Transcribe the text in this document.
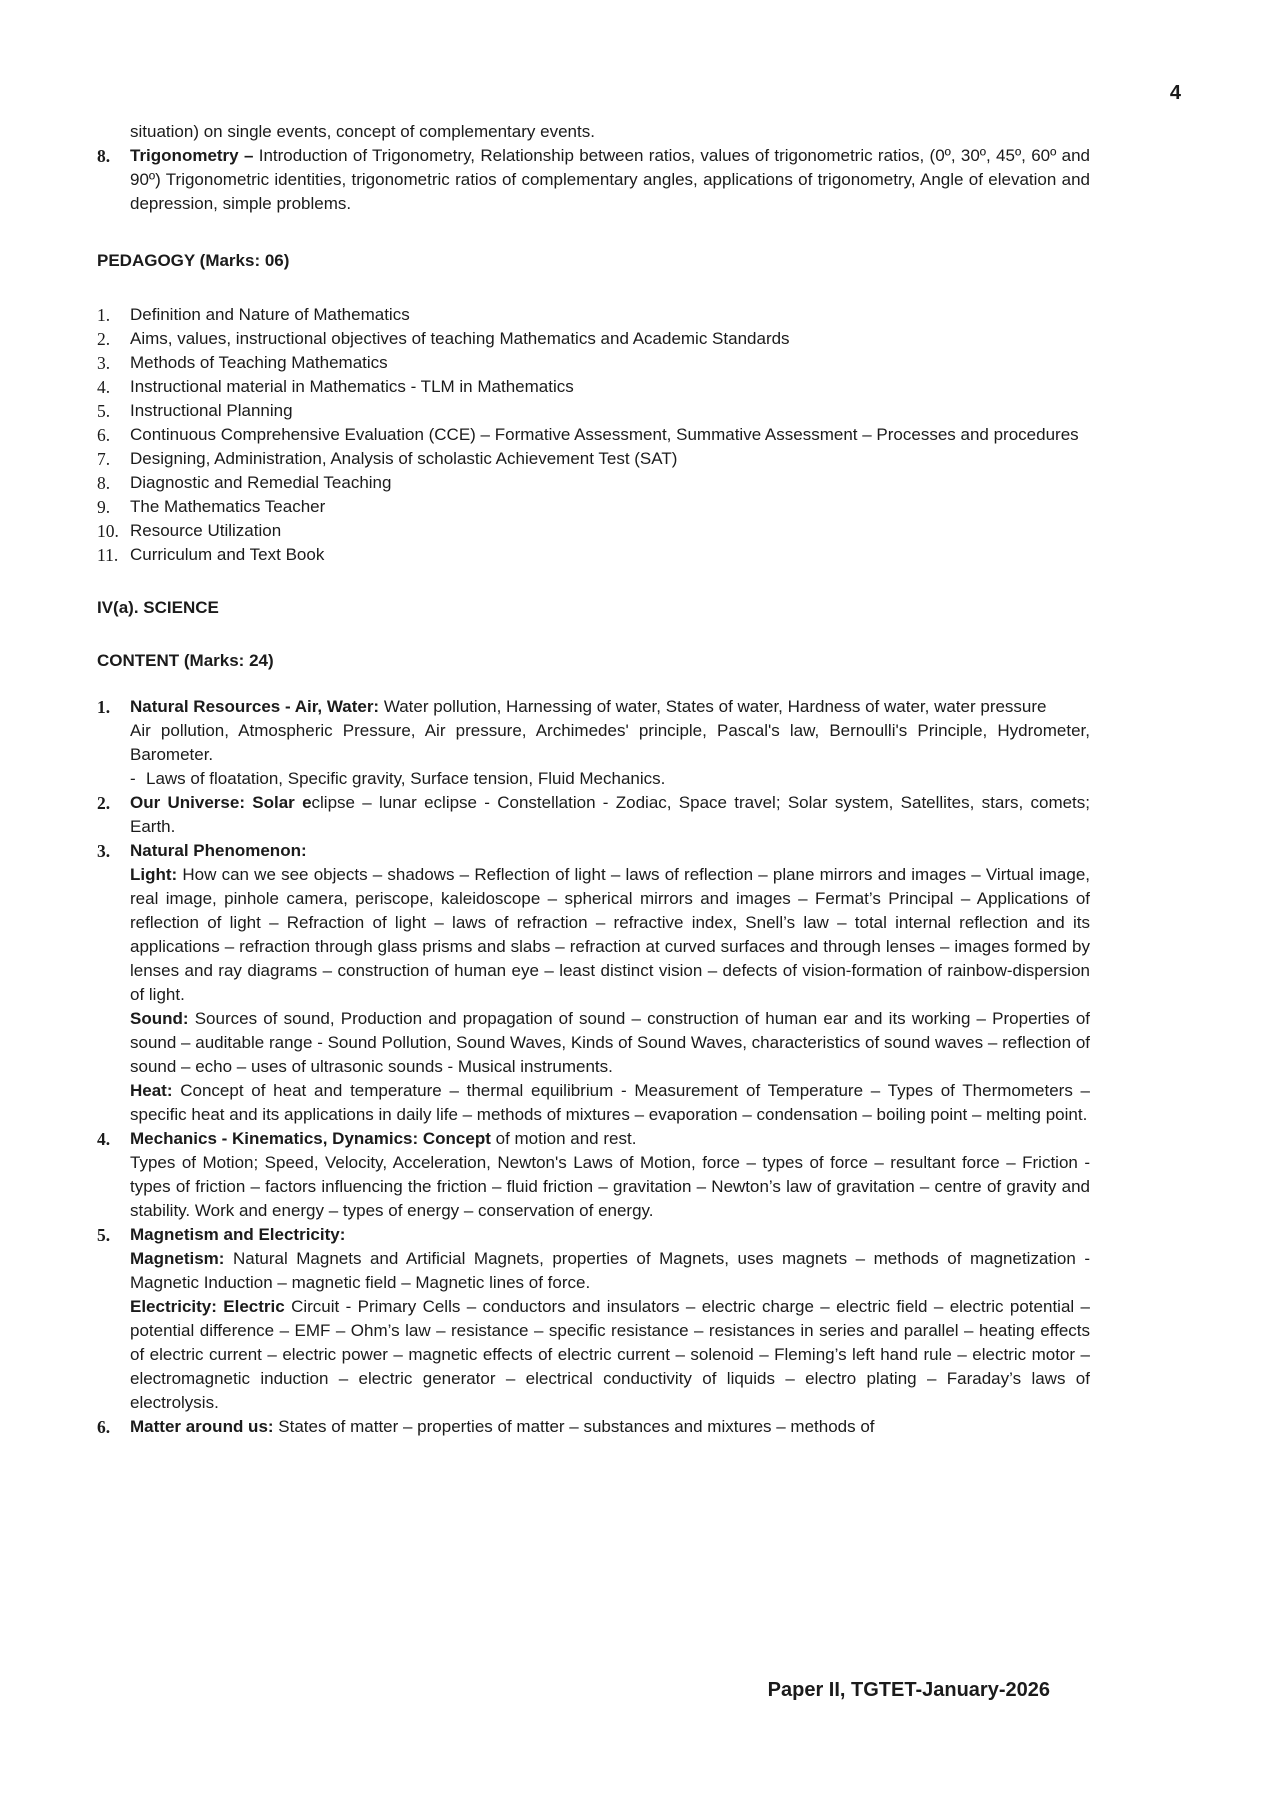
4

situation) on single events, concept of complementary events.

8.	Trigonometry – Introduction of Trigonometry, Relationship between ratios, values of trigonometric ratios, (0º, 30º, 45º, 60º and 90º) Trigonometric identities, trigonometric ratios of complementary angles, applications of trigonometry, Angle of elevation and depression, simple problems.

PEDAGOGY (Marks: 06)
1.	Definition and Nature of Mathematics
2.	Aims, values, instructional objectives of teaching Mathematics and Academic Standards
3.	Methods of Teaching Mathematics
4.	Instructional material in Mathematics - TLM in Mathematics
5.	Instructional Planning
6.	Continuous Comprehensive Evaluation (CCE) – Formative Assessment, Summative Assessment – Processes and procedures
7.	Designing, Administration, Analysis of scholastic Achievement Test (SAT)
8.	Diagnostic and Remedial Teaching
9.	The Mathematics Teacher
10. Resource Utilization
11. Curriculum and Text Book
IV(a). SCIENCE
CONTENT (Marks: 24)
1.	Natural Resources - Air, Water: Water pollution, Harnessing of water, States of water, Hardness of water, water pressure

Air pollution, Atmospheric Pressure, Air pressure, Archimedes' principle, Pascal's law, Bernoulli's Principle, Hydrometer, Barometer.

- Laws of floatation, Specific gravity, Surface tension, Fluid Mechanics.

2.	Our Universe: Solar eclipse – lunar eclipse - Constellation - Zodiac, Space travel; Solar system, Satellites, stars, comets; Earth.

3.	Natural Phenomenon:

Light: How can we see objects – shadows – Reflection of light – laws of reflection – plane mirrors and images – Virtual image, real image, pinhole camera, periscope, kaleidoscope – spherical mirrors and images – Fermat’s Principal – Applications of reflection of light – Refraction of light – laws of refraction – refractive index, Snell’s law – total internal reflection and its applications – refraction through glass prisms and slabs – refraction at curved surfaces and through lenses – images formed by lenses and ray diagrams – construction of human eye – least distinct vision – defects of vision-formation of rainbow-dispersion of light.

Sound: Sources of sound, Production and propagation of sound – construction of human ear and its working – Properties of sound – auditable range - Sound Pollution, Sound Waves, Kinds of Sound Waves, characteristics of sound waves – reflection of sound – echo – uses of ultrasonic sounds - Musical instruments.

Heat: Concept of heat and temperature – thermal equilibrium - Measurement of Temperature – Types of Thermometers – specific heat and its applications in daily life – methods of mixtures – evaporation – condensation – boiling point – melting point.

4.	Mechanics - Kinematics, Dynamics: Concept of motion and rest.

Types of Motion; Speed, Velocity, Acceleration, Newton's Laws of Motion, force – types of force – resultant force – Friction - types of friction – factors influencing the friction – fluid friction – gravitation – Newton’s law of gravitation – centre of gravity and stability. Work and energy – types of energy – conservation of energy.

5.	Magnetism and Electricity:

Magnetism: Natural Magnets and Artificial Magnets, properties of Magnets, uses magnets – methods of magnetization - Magnetic Induction – magnetic field – Magnetic lines of force.

Electricity: Electric Circuit - Primary Cells – conductors and insulators – electric charge – electric field – electric potential – potential difference – EMF – Ohm’s law – resistance – specific resistance – resistances in series and parallel – heating effects of electric current – electric power – magnetic effects of electric current – solenoid – Fleming’s left hand rule – electric motor – electromagnetic induction – electric generator – electrical conductivity of liquids – electro plating – Faraday’s laws of electrolysis.

6.	Matter around us: States of matter – properties of matter – substances and mixtures – methods of

Paper II, TGTET-January-2026
